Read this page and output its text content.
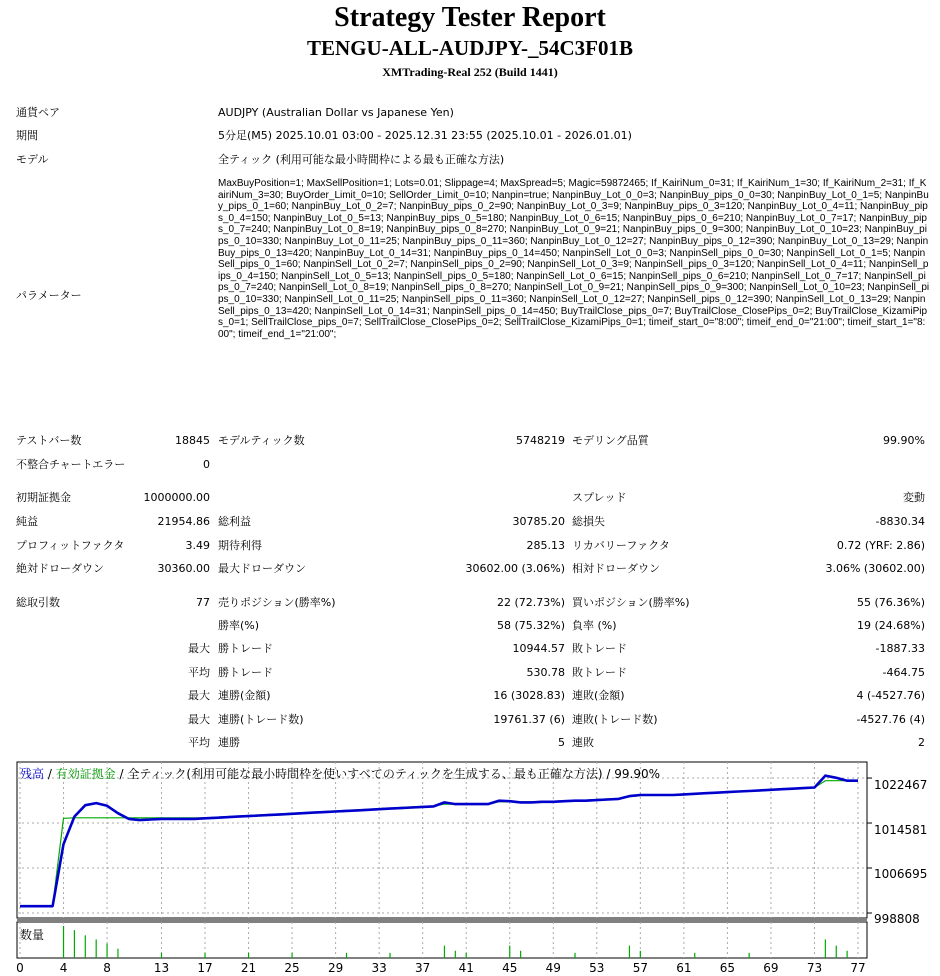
Strategy Tester Report
TENGU-ALL-AUDJPY-_54C3F01B
XMTrading-Real 252 (Build 1441)
通貨ペア	AUDJPY (Australian Dollar vs Japanese Yen)
期間	5分足(M5) 2025.10.01 03:00 - 2025.12.31 23:55 (2025.10.01 - 2026.01.01)
モデル	全ティック (利用可能な最小時間枠による最も正確な方法)
パラメーター
MaxBuyPosition=1; MaxSellPosition=1; Lots=0.01; Slippage=4; MaxSpread=5; Magic=59872465; If_KairiNum_0=31; If_KairiNum_1=30; If_KairiNum_2=31; If_KairiNum_3=30; BuyOrder_Limit_0=10; SellOrder_Limit_0=10; Nanpin=true; NanpinBuy_Lot_0_0=3; NanpinBuy_pips_0_0=30; NanpinBuy_Lot_0_1=5; NanpinBuy_pips_0_1=60; NanpinBuy_Lot_0_2=7; NanpinBuy_pips_0_2=90; NanpinBuy_Lot_0_3=9; NanpinBuy_pips_0_3=120; NanpinBuy_Lot_0_4=11; NanpinBuy_pips_0_4=150; NanpinBuy_Lot_0_5=13; NanpinBuy_pips_0_5=180; NanpinBuy_Lot_0_6=15; NanpinBuy_pips_0_6=210; NanpinBuy_Lot_0_7=17; NanpinBuy_pips_0_7=240; NanpinBuy_Lot_0_8=19; NanpinBuy_pips_0_8=270; NanpinBuy_Lot_0_9=21; NanpinBuy_pips_0_9=300; NanpinBuy_Lot_0_10=23; NanpinBuy_pips_0_10=330; NanpinBuy_Lot_0_11=25; NanpinBuy_pips_0_11=360; NanpinBuy_Lot_0_12=27; NanpinBuy_pips_0_12=390; NanpinBuy_Lot_0_13=29; NanpinBuy_pips_0_13=420; NanpinBuy_Lot_0_14=31; NanpinBuy_pips_0_14=450; NanpinSell_Lot_0_0=3; NanpinSell_pips_0_0=30; NanpinSell_Lot_0_1=5; NanpinSell_pips_0_1=60; NanpinSell_Lot_0_2=7; NanpinSell_pips_0_2=90; NanpinSell_Lot_0_3=9; NanpinSell_pips_0_3=120; NanpinSell_Lot_0_4=11; NanpinSell_pips_0_4=150; NanpinSell_Lot_0_5=13; NanpinSell_pips_0_5=180; NanpinSell_Lot_0_6=15; NanpinSell_pips_0_6=210; NanpinSell_Lot_0_7=17; NanpinSell_pips_0_7=240; NanpinSell_Lot_0_8=19; NanpinSell_pips_0_8=270; NanpinSell_Lot_0_9=21; NanpinSell_pips_0_9=300; NanpinSell_Lot_0_10=23; NanpinSell_pips_0_10=330; NanpinSell_Lot_0_11=25; NanpinSell_pips_0_11=360; NanpinSell_Lot_0_12=27; NanpinSell_pips_0_12=390; NanpinSell_Lot_0_13=29; NanpinSell_pips_0_13=420; NanpinSell_Lot_0_14=31; NanpinSell_pips_0_14=450; BuyTrailClose_pips_0=7; BuyTrailClose_ClosePips_0=2; BuyTrailClose_KizamiPips_0=1; SellTrailClose_pips_0=7; SellTrailClose_ClosePips_0=2; SellTrailClose_KizamiPips_0=1; timeif_start_0="8:00"; timeif_end_0="21:00"; timeif_start_1="8:00"; timeif_end_1="21:00";
テストバー数	18845 モデルティック数	5748219 モデリング品質	99.90%
不整合チャートエラー	0
初期証拠金	1000000.00	スプレッド	変動
純益	21954.86 総利益	30785.20 総損失	-8830.34
プロフィットファクタ	3.49 期待利得	285.13 リカバリーファクタ	0.72 (YRF: 2.86)
絶対ドローダウン	30360.00 最大ドローダウン	30602.00 (3.06%) 相対ドローダウン	3.06% (30602.00)
総取引数	77 売りポジション(勝率%)	22 (72.73%) 買いポジション(勝率%)	55 (76.36%)
勝率(%)	58 (75.32%) 負率 (%)	19 (24.68%)
最大 勝トレード	10944.57 敗トレード	-1887.33
平均 勝トレード	530.78 敗トレード	-464.75
最大 連勝(金額)	16 (3028.83) 連敗(金額)	4 (-4527.76)
最大 連勝(トレード数)	19761.37 (6) 連敗(トレード数)	-4527.76 (4)
平均 連勝	5 連敗	2
残高 / 有効証拠金 / 全ティック(利用可能な最小時間枠を使いすべてのティックを生成する、最も正確な方法) / 99.90%
数量
1022467
1014581
1006695
998808
0	4	8	13	17	21	25	29	33	37	41	45	49	53	57	61	65	69	73	77
